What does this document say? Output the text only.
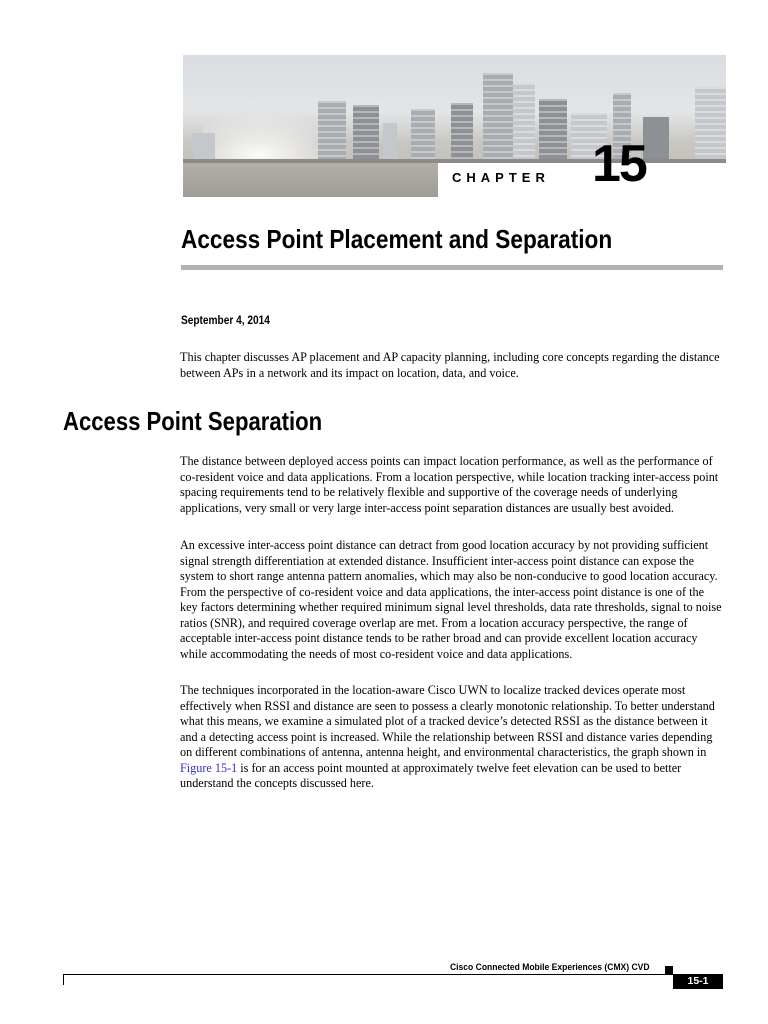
CHAPTER 15
Access Point Placement and Separation
September 4, 2014

This chapter discusses AP placement and AP capacity planning, including core concepts regarding the distance between APs in a network and its impact on location, data, and voice.

Access Point Separation

The distance between deployed access points can impact location performance, as well as the performance of co-resident voice and data applications. From a location perspective, while location tracking inter-access point spacing requirements tend to be relatively flexible and supportive of the coverage needs of underlying applications, very small or very large inter-access point separation distances are usually best avoided.

An excessive inter-access point distance can detract from good location accuracy by not providing sufficient signal strength differentiation at extended distance. Insufficient inter-access point distance can expose the system to short range antenna pattern anomalies, which may also be non-conducive to good location accuracy. From the perspective of co-resident voice and data applications, the inter-access point distance is one of the key factors determining whether required minimum signal level thresholds, data rate thresholds, signal to noise ratios (SNR), and required coverage overlap are met. From a location accuracy perspective, the range of acceptable inter-access point distance tends to be rather broad and can provide excellent location accuracy while accommodating the needs of most co-resident voice and data applications.

The techniques incorporated in the location-aware Cisco UWN to localize tracked devices operate most effectively when RSSI and distance are seen to possess a clearly monotonic relationship. To better understand what this means, we examine a simulated plot of a tracked device’s detected RSSI as the distance between it and a detecting access point is increased. While the relationship between RSSI and distance varies depending on different combinations of antenna, antenna height, and environmental characteristics, the graph shown in Figure 15-1 is for an access point mounted at approximately twelve feet elevation can be used to better understand the concepts discussed here.

Cisco Connected Mobile Experiences (CMX) CVD
15-1
